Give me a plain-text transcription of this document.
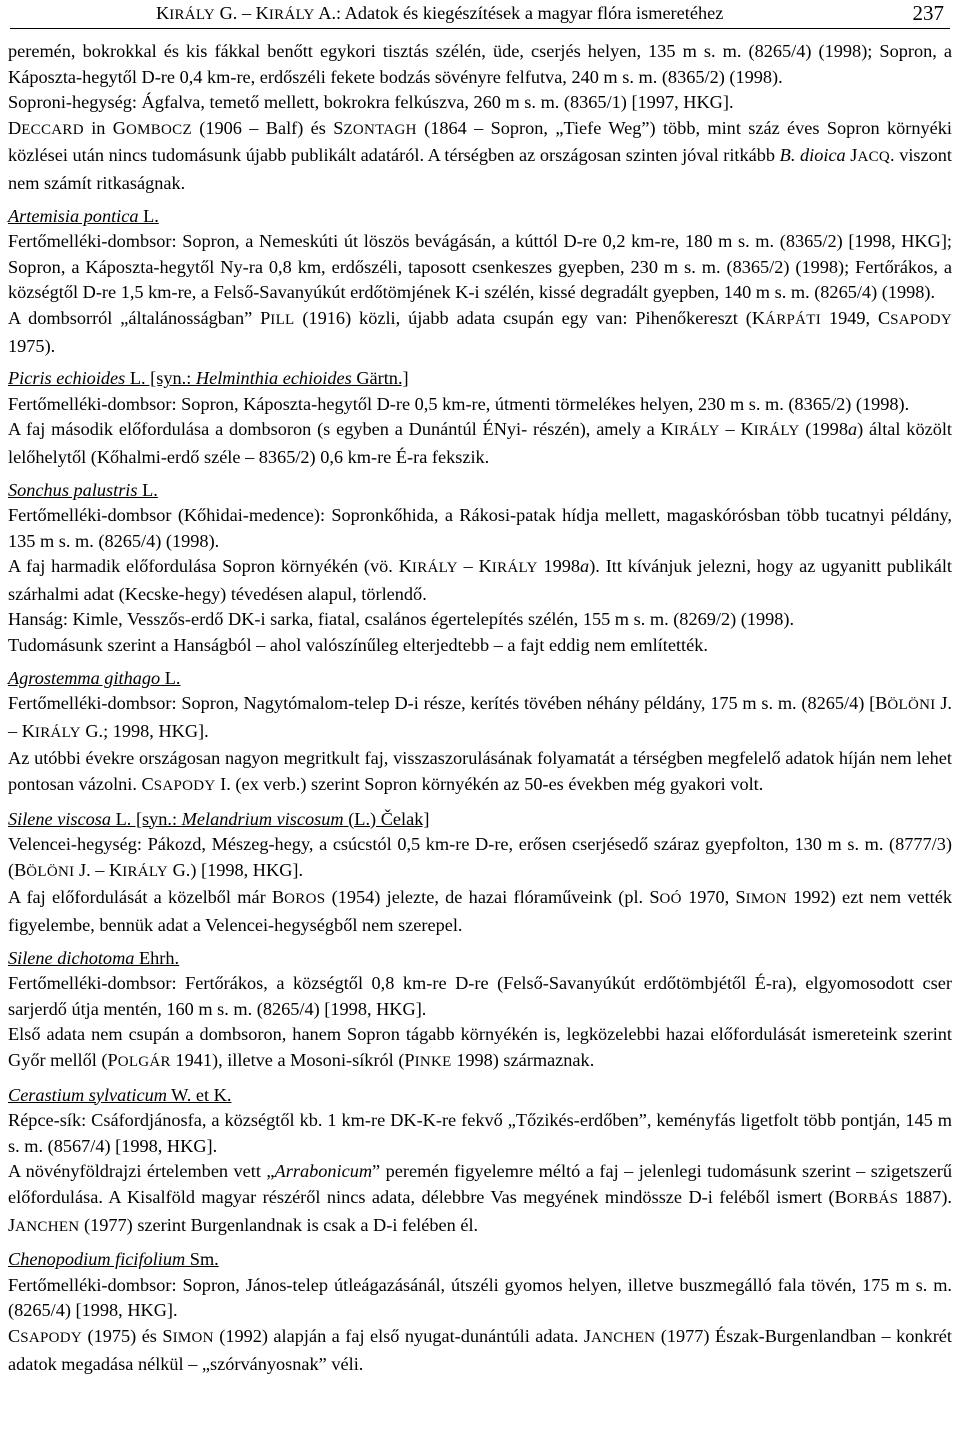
KIRÁLY G. – KIRÁLY A.: Adatok és kiegészítések a magyar flóra ismeretéhez	237
peremén, bokrokkal és kis fákkal benőtt egykori tisztás szélén, üde, cserjés helyen, 135 m s. m. (8265/4) (1998); Sopron, a Káposzta-hegytől D-re 0,4 km-re, erdőszéli fekete bodzás sövényre felfutva, 240 m s. m. (8365/2) (1998).
Soproni-hegység: Ágfalva, temető mellett, bokrokra felkúszva, 260 m s. m. (8365/1) [1997, HKG].
DECCARD in GOMBOCZ (1906 – Balf) és SZONTAGH (1864 – Sopron, „Tiefe Weg”) több, mint száz éves Sopron környéki közlései után nincs tudomásunk újabb publikált adatáról. A térségben az országosan szinten jóval ritkább B. dioica JACQ. viszont nem számít ritkaságnak.
Artemisia pontica L.
Fertőmelléki-dombsor: Sopron, a Nemeskúti út löszös bevágásán, a kúttól D-re 0,2 km-re, 180 m s. m. (8365/2) [1998, HKG]; Sopron, a Káposzta-hegytől Ny-ra 0,8 km, erdőszéli, taposott csenkeszes gyepben, 230 m s. m. (8365/2) (1998); Fertőrákos, a községtől D-re 1,5 km-re, a Felső-Savanyúkút erdőtömjének K-i szélén, kissé degradált gyepben, 140 m s. m. (8265/4) (1998).
A dombsorról „általánosságban” PILL (1916) közli, újabb adata csupán egy van: Pihenőkereszt (KÁRPÁTI 1949, CSAPODY 1975).
Picris echioides L. [syn.: Helminthia echioides Gärtn.]
Fertőmelléki-dombsor: Sopron, Káposzta-hegytől D-re 0,5 km-re, útmenti törmelékes helyen, 230 m s. m. (8365/2) (1998).
A faj második előfordulása a dombsoron (s egyben a Dunántúl ÉNyi- részén), amely a KIRÁLY – KIRÁLY (1998a) által közölt lelőhelytől (Kőhalmi-erdő széle – 8365/2) 0,6 km-re É-ra fekszik.
Sonchus palustris L.
Fertőmelléki-dombsor (Kőhidai-medence): Sopronkőhida, a Rákosi-patak hídja mellett, magaskórósban több tucatnyi példány, 135 m s. m. (8265/4) (1998).
A faj harmadik előfordulása Sopron környékén (vö. KIRÁLY – KIRÁLY 1998a). Itt kívánjuk jelezni, hogy az ugyanitt publikált szárhalmi adat (Kecske-hegy) tévedésen alapul, törlendő.
Hanság: Kimle, Vesszős-erdő DK-i sarka, fiatal, csalános égertelepítés szélén, 155 m s. m. (8269/2) (1998).
Tudomásunk szerint a Hanságból – ahol valószínűleg elterjedtebb – a fajt eddig nem említették.
Agrostemma githago L.
Fertőmelléki-dombsor: Sopron, Nagytómalom-telep D-i része, kerítés tövében néhány példány, 175 m s. m. (8265/4) [BÖLÖNI J. – KIRÁLY G.; 1998, HKG].
Az utóbbi évekre országosan nagyon megritkult faj, visszaszorulásának folyamatát a térségben megfelelő adatok híján nem lehet pontosan vázolni. CSAPODY I. (ex verb.) szerint Sopron környékén az 50-es években még gyakori volt.
Silene viscosa L. [syn.: Melandrium viscosum (L.) Čelak]
Velencei-hegység: Pákozd, Mészeg-hegy, a csúcstól 0,5 km-re D-re, erősen cserjésedő száraz gyepfolton, 130 m s. m. (8777/3) (BÖLÖNI J. – KIRÁLY G.) [1998, HKG].
A faj előfordulását a közelből már BOROS (1954) jelezte, de hazai flóraműveink (pl. SOÓ 1970, SIMON 1992) ezt nem vették figyelembe, bennük adat a Velencei-hegységből nem szerepel.
Silene dichotoma Ehrh.
Fertőmelléki-dombsor: Fertőrákos, a községtől 0,8 km-re D-re (Felső-Savanyúkút erdőtömbjétől É-ra), elgyomosodott cser sarjerdő útja mentén, 160 m s. m. (8265/4) [1998, HKG].
Első adata nem csupán a dombsoron, hanem Sopron tágabb környékén is, legközelebbi hazai előfordulását ismereteink szerint Győr mellől (POLGÁR 1941), illetve a Mosoni-síkról (PINKE 1998) származnak.
Cerastium sylvaticum W. et K.
Répce-sík: Csáfordjánosfa, a községtől kb. 1 km-re DK-K-re fekvő „Tőzikés-erdőben”, keményfás ligetfolt több pontján, 145 m s. m. (8567/4) [1998, HKG].
A növényföldrajzi értelemben vett „Arrabonicum” peremén figyelemre méltó a faj – jelenlegi tudomásunk szerint – szigetszerű előfordulása. A Kisalföld magyar részéről nincs adata, délebbre Vas megyének mindössze D-i feléből ismert (BORBÁS 1887). JANCHEN (1977) szerint Burgenlandnak is csak a D-i felében él.
Chenopodium ficifolium Sm.
Fertőmelléki-dombsor: Sopron, János-telep útleágazásánál, útszéli gyomos helyen, illetve buszmegálló fala tövén, 175 m s. m. (8265/4) [1998, HKG].
CSAPODY (1975) és SIMON (1992) alapján a faj első nyugat-dunántúli adata. JANCHEN (1977) Észak-Burgenlandban – konkrét adatok megadása nélkül – „szórványosnak” véli.
